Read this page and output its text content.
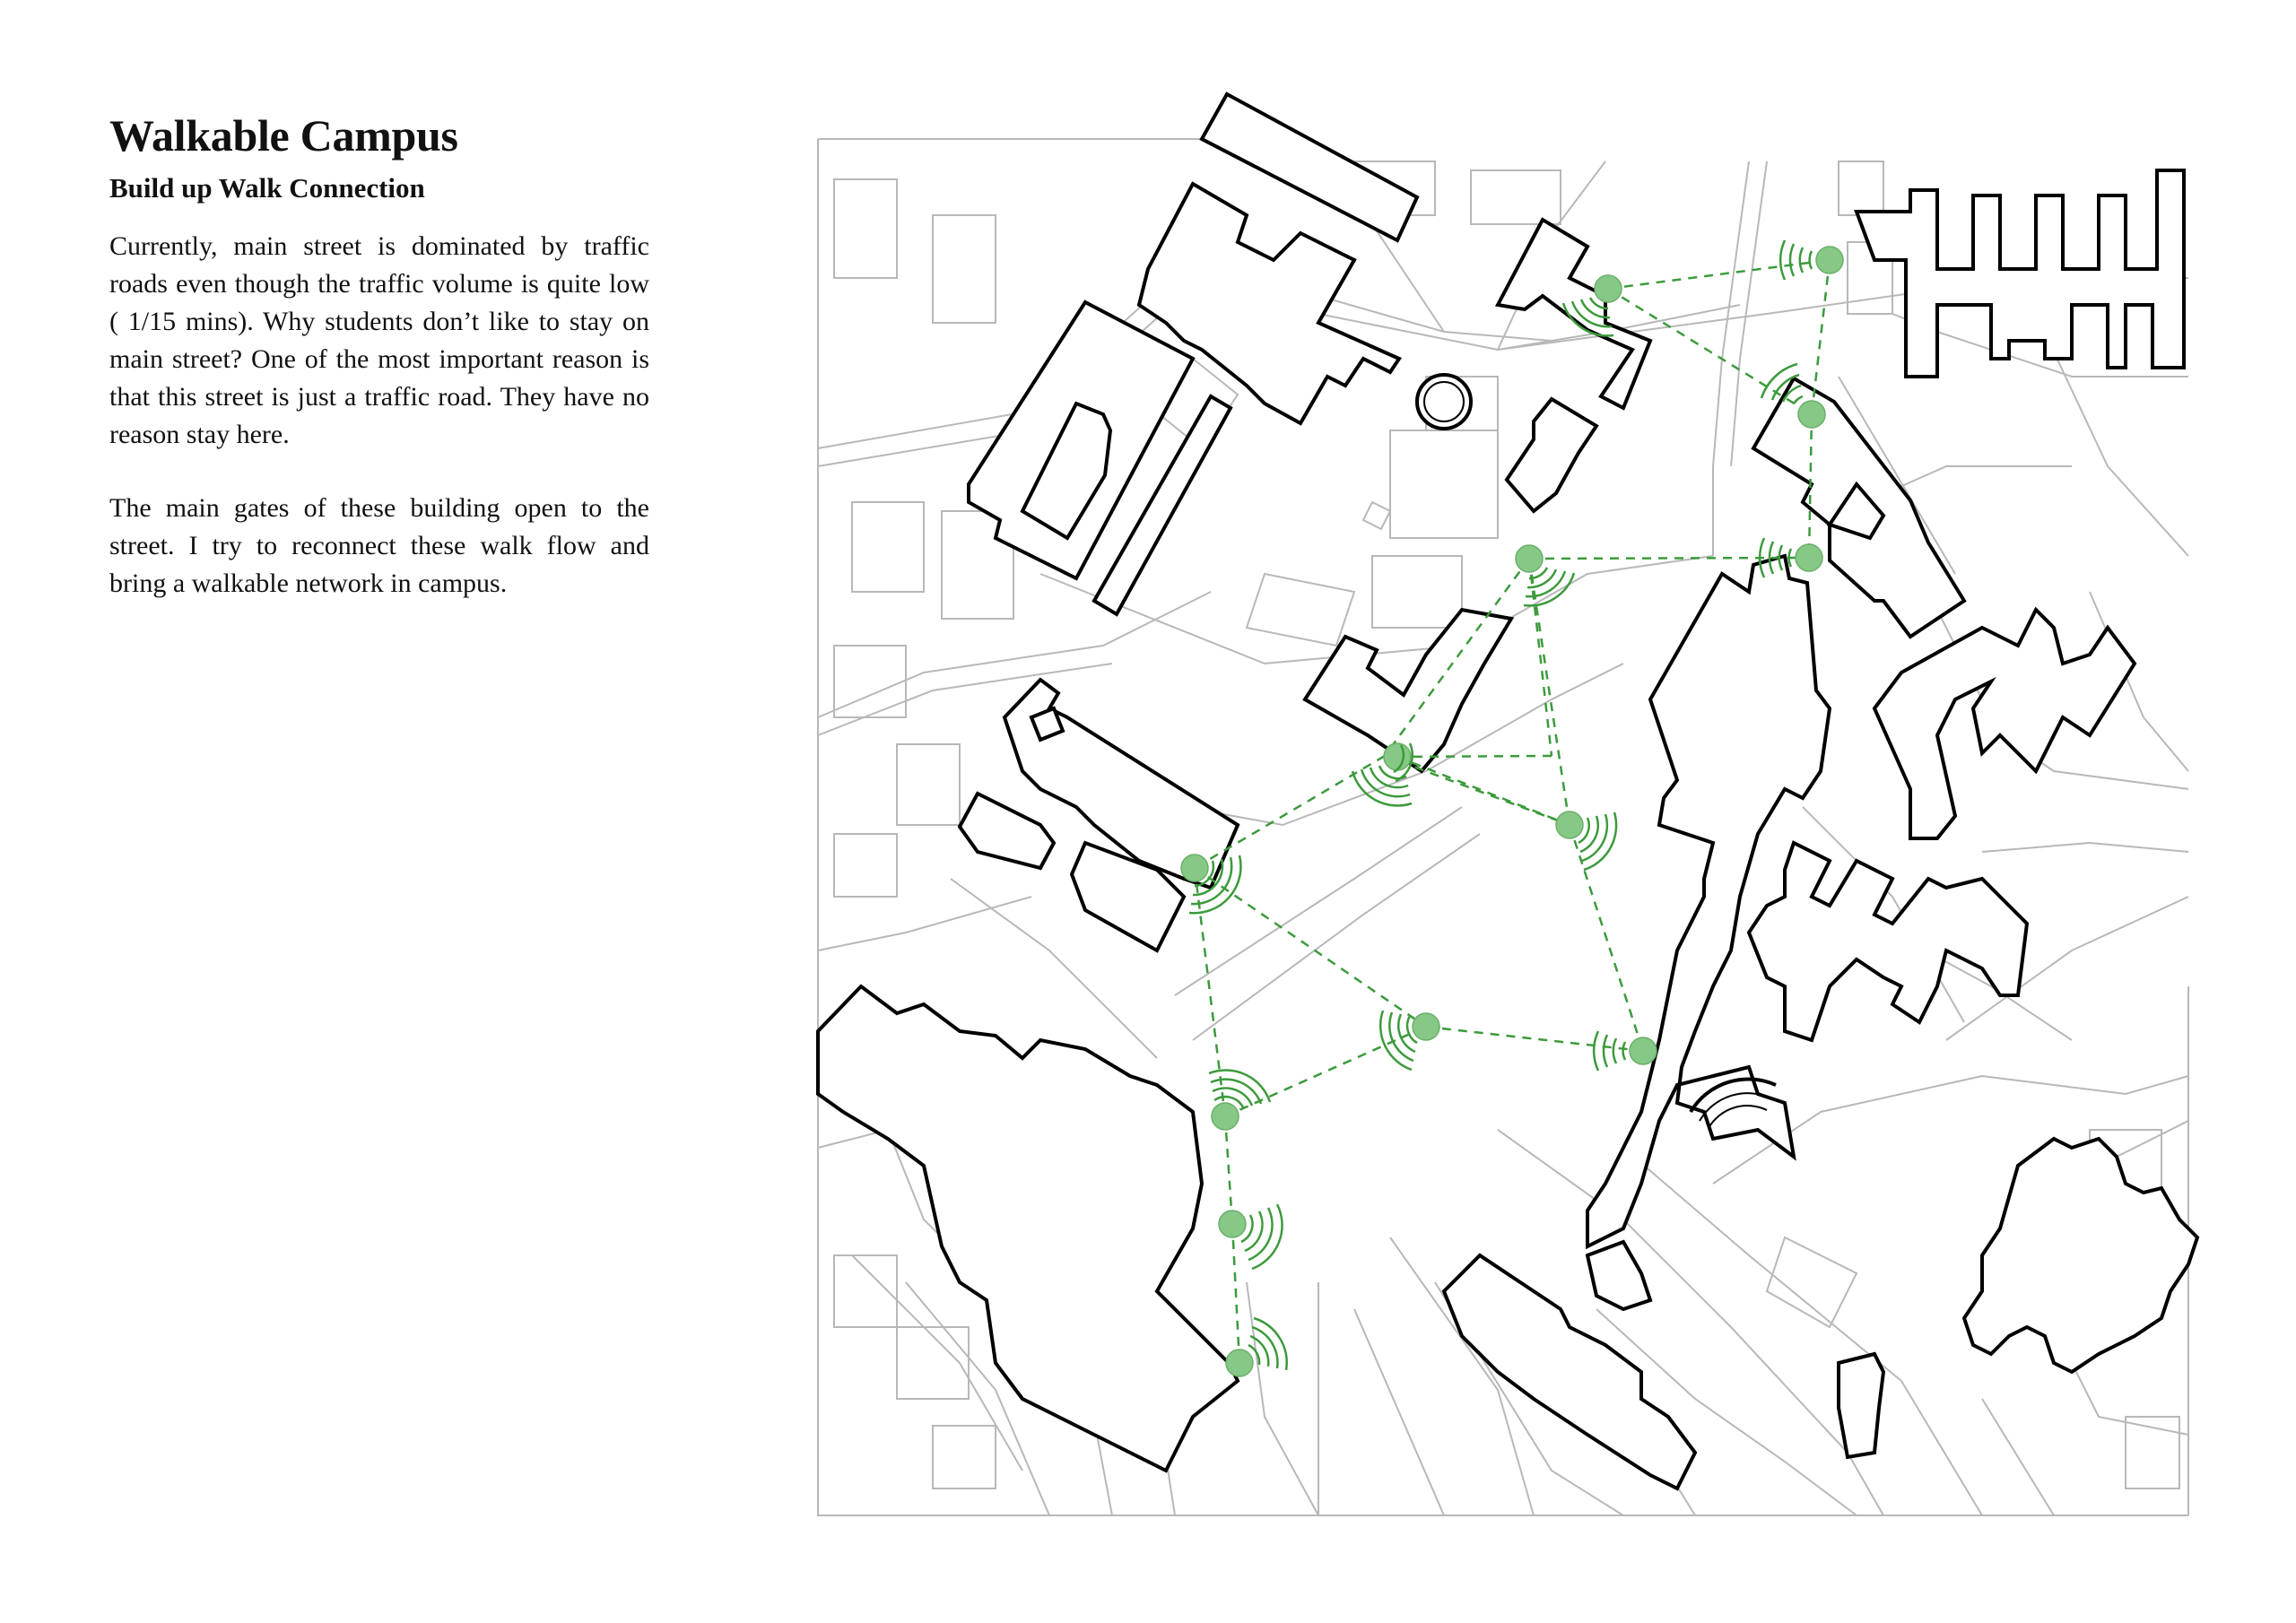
Walkable Campus
Build up Walk Connection

Currently, main street is dominated by traffic roads even though the traffic volume is quite low ( 1/15 mins). Why students don’t like to stay on main street? One of the most important reason is that this street is just a traffic road. They have no reason stay here.

The main gates of these building open to the street. I try to reconnect these walk flow and bring a walkable network in campus.
